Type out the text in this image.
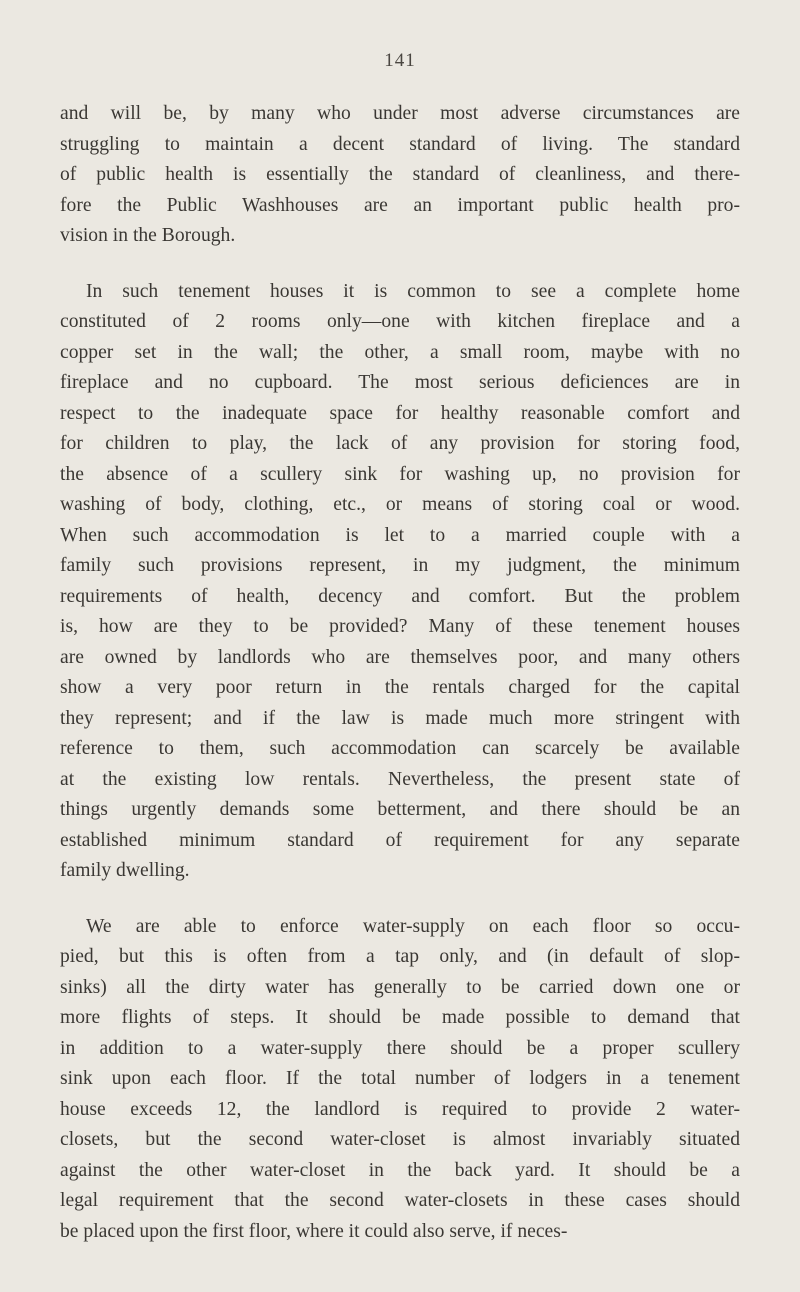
141
and will be, by many who under most adverse circumstances are
struggling to maintain a decent standard of living. The standard
of public health is essentially the standard of cleanliness, and there-
fore the Public Washhouses are an important public health pro-
vision in the Borough.
In such tenement houses it is common to see a complete home
constituted of 2 rooms only—one with kitchen fireplace and a
copper set in the wall; the other, a small room, maybe with no
fireplace and no cupboard. The most serious deficiences are in
respect to the inadequate space for healthy reasonable comfort and
for children to play, the lack of any provision for storing food,
the absence of a scullery sink for washing up, no provision for
washing of body, clothing, etc., or means of storing coal or wood.
When such accommodation is let to a married couple with a
family such provisions represent, in my judgment, the minimum
requirements of health, decency and comfort. But the problem
is, how are they to be provided? Many of these tenement houses
are owned by landlords who are themselves poor, and many others
show a very poor return in the rentals charged for the capital
they represent; and if the law is made much more stringent with
reference to them, such accommodation can scarcely be available
at the existing low rentals. Nevertheless, the present state of
things urgently demands some betterment, and there should be an
established minimum standard of requirement for any separate
family dwelling.
We are able to enforce water-supply on each floor so occu-
pied, but this is often from a tap only, and (in default of slop-
sinks) all the dirty water has generally to be carried down one or
more flights of steps. It should be made possible to demand that
in addition to a water-supply there should be a proper scullery
sink upon each floor. If the total number of lodgers in a tenement
house exceeds 12, the landlord is required to provide 2 water-
closets, but the second water-closet is almost invariably situated
against the other water-closet in the back yard. It should be a
legal requirement that the second water-closets in these cases should
be placed upon the first floor, where it could also serve, if neces-
